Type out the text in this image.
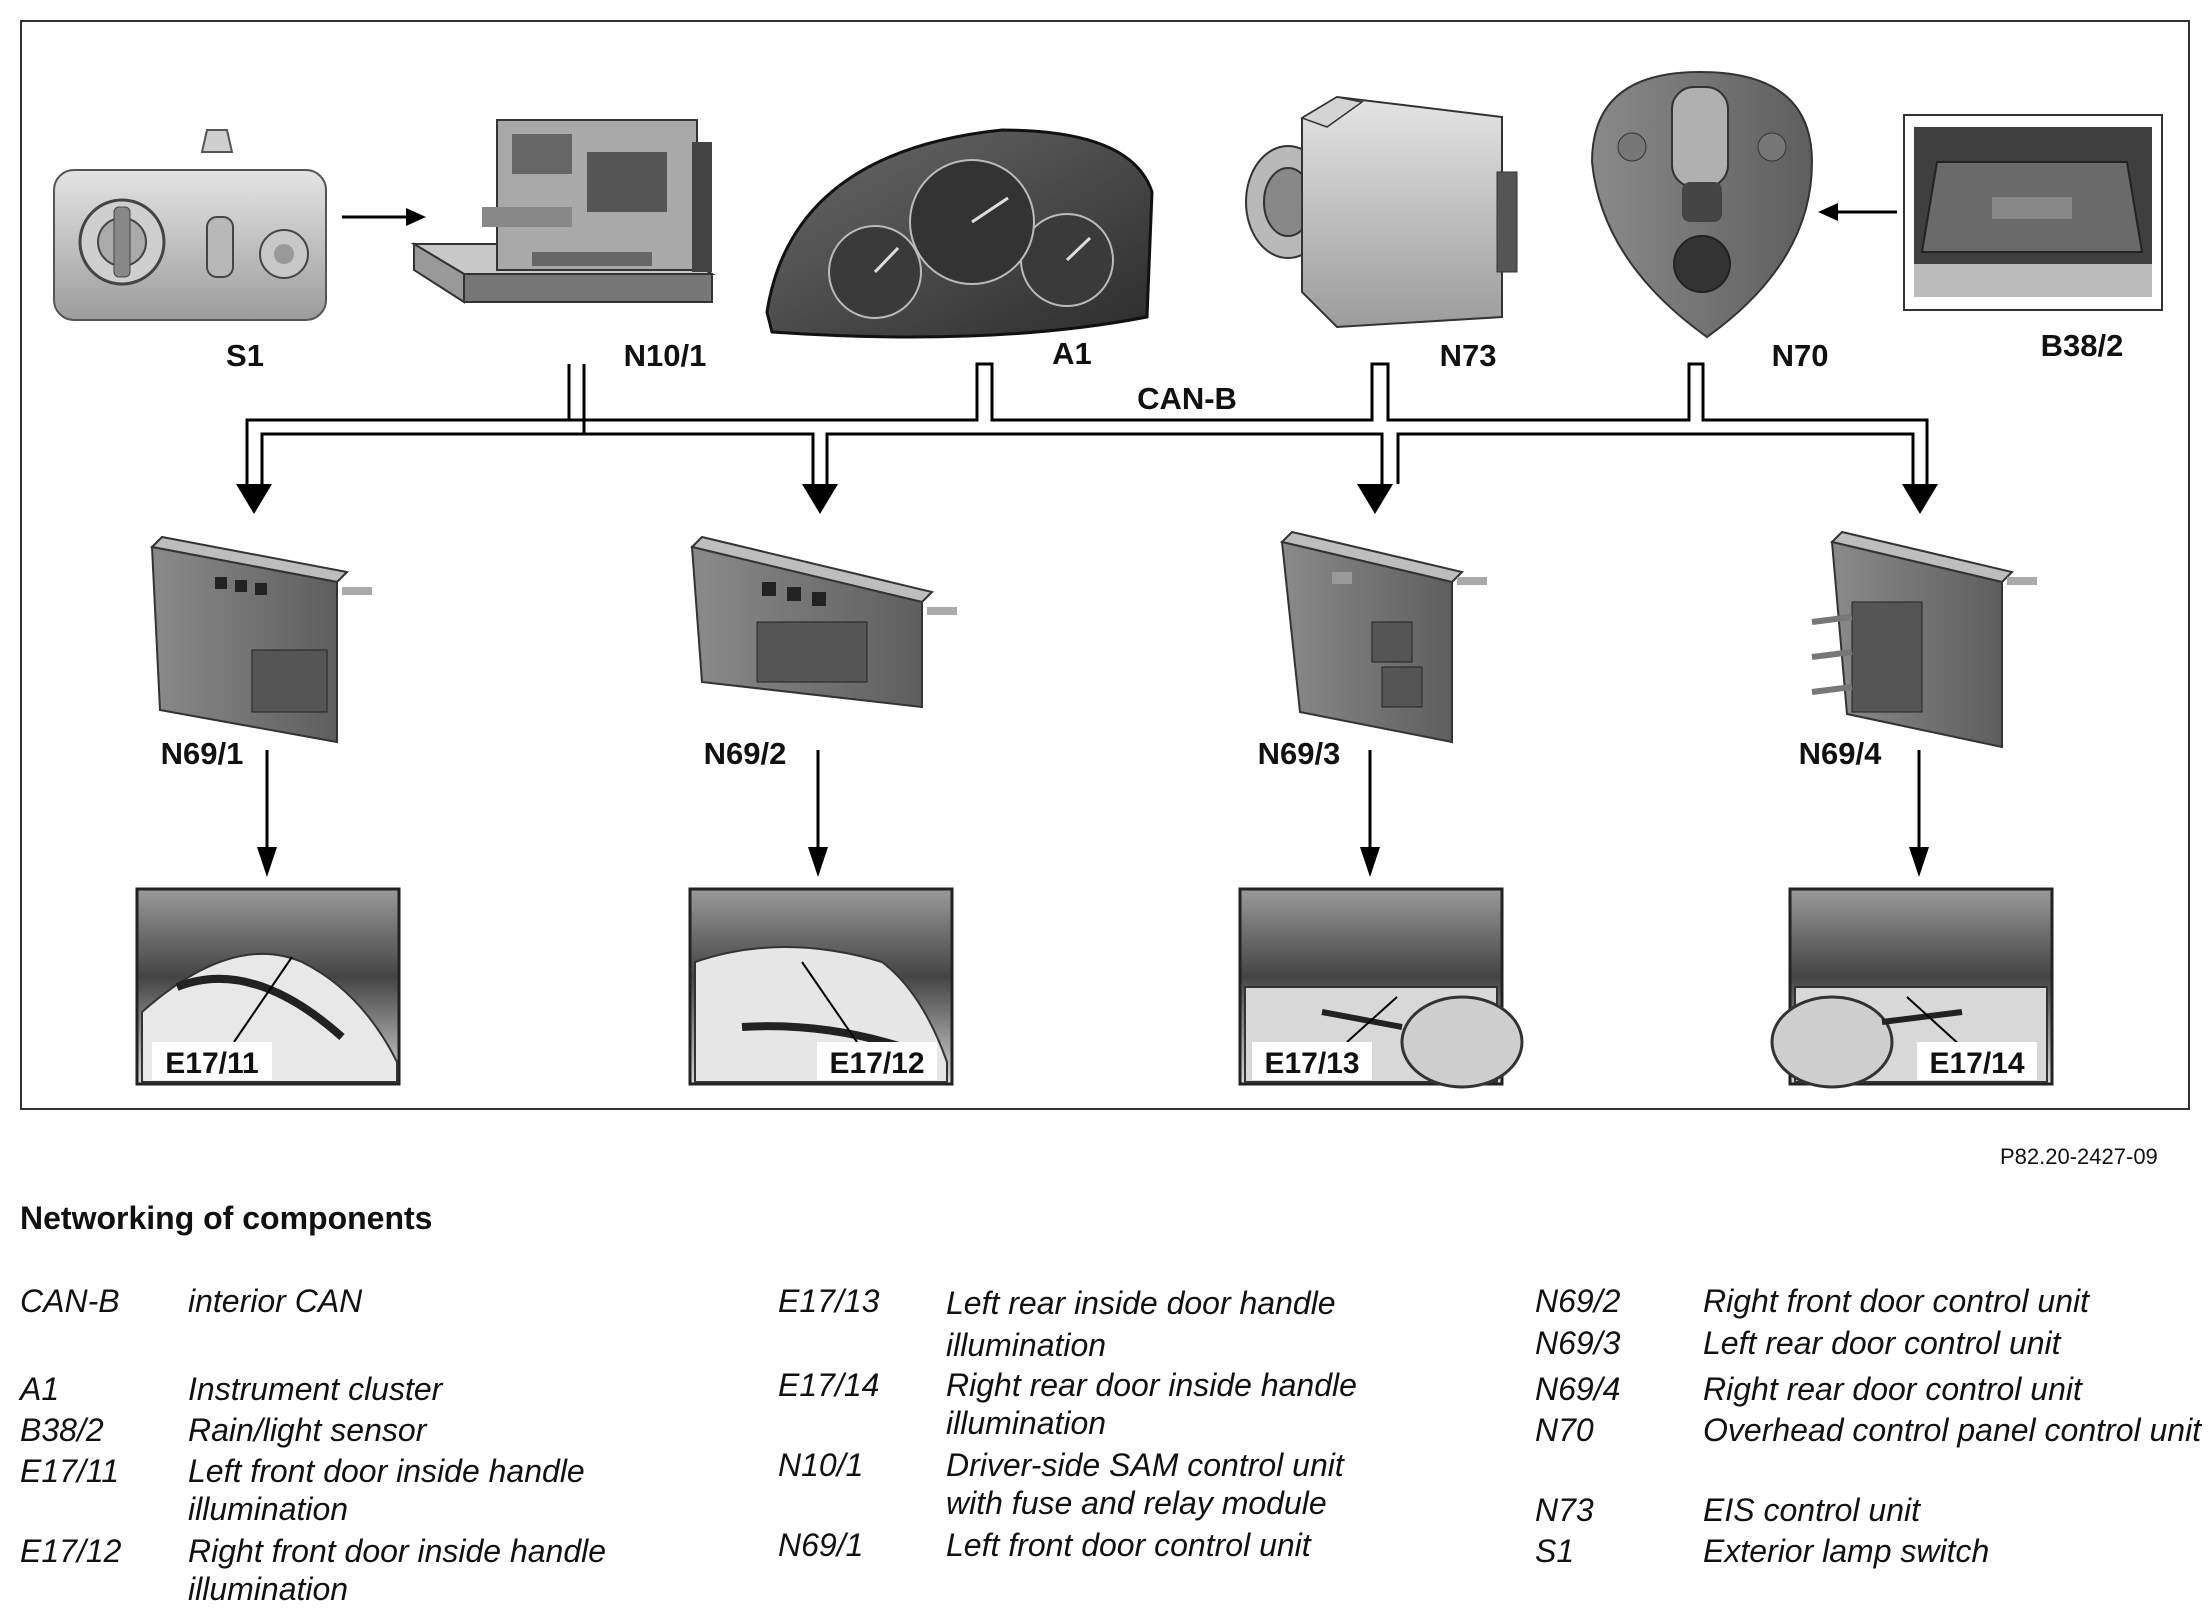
S1	N10/1	A1	N73	N70	B38/2
CAN-B
N69/1	N69/2	N69/3	N69/4
E17/11	E17/12	E17/13	E17/14
P82.20-2427-09
Networking of components
CAN-B	interior CAN
A1	Instrument cluster
B38/2	Rain/light sensor
E17/11	Left front door inside handle illumination
E17/12	Right front door inside handle illumination
E17/13	Left rear inside door handle illumination
E17/14	Right rear door inside handle illumination
N10/1	Driver-side SAM control unit with fuse and relay module
N69/1	Left front door control unit
N69/2	Right front door control unit
N69/3	Left rear door control unit
N69/4	Right rear door control unit
N70	Overhead control panel control unit
N73	EIS control unit
S1	Exterior lamp switch
